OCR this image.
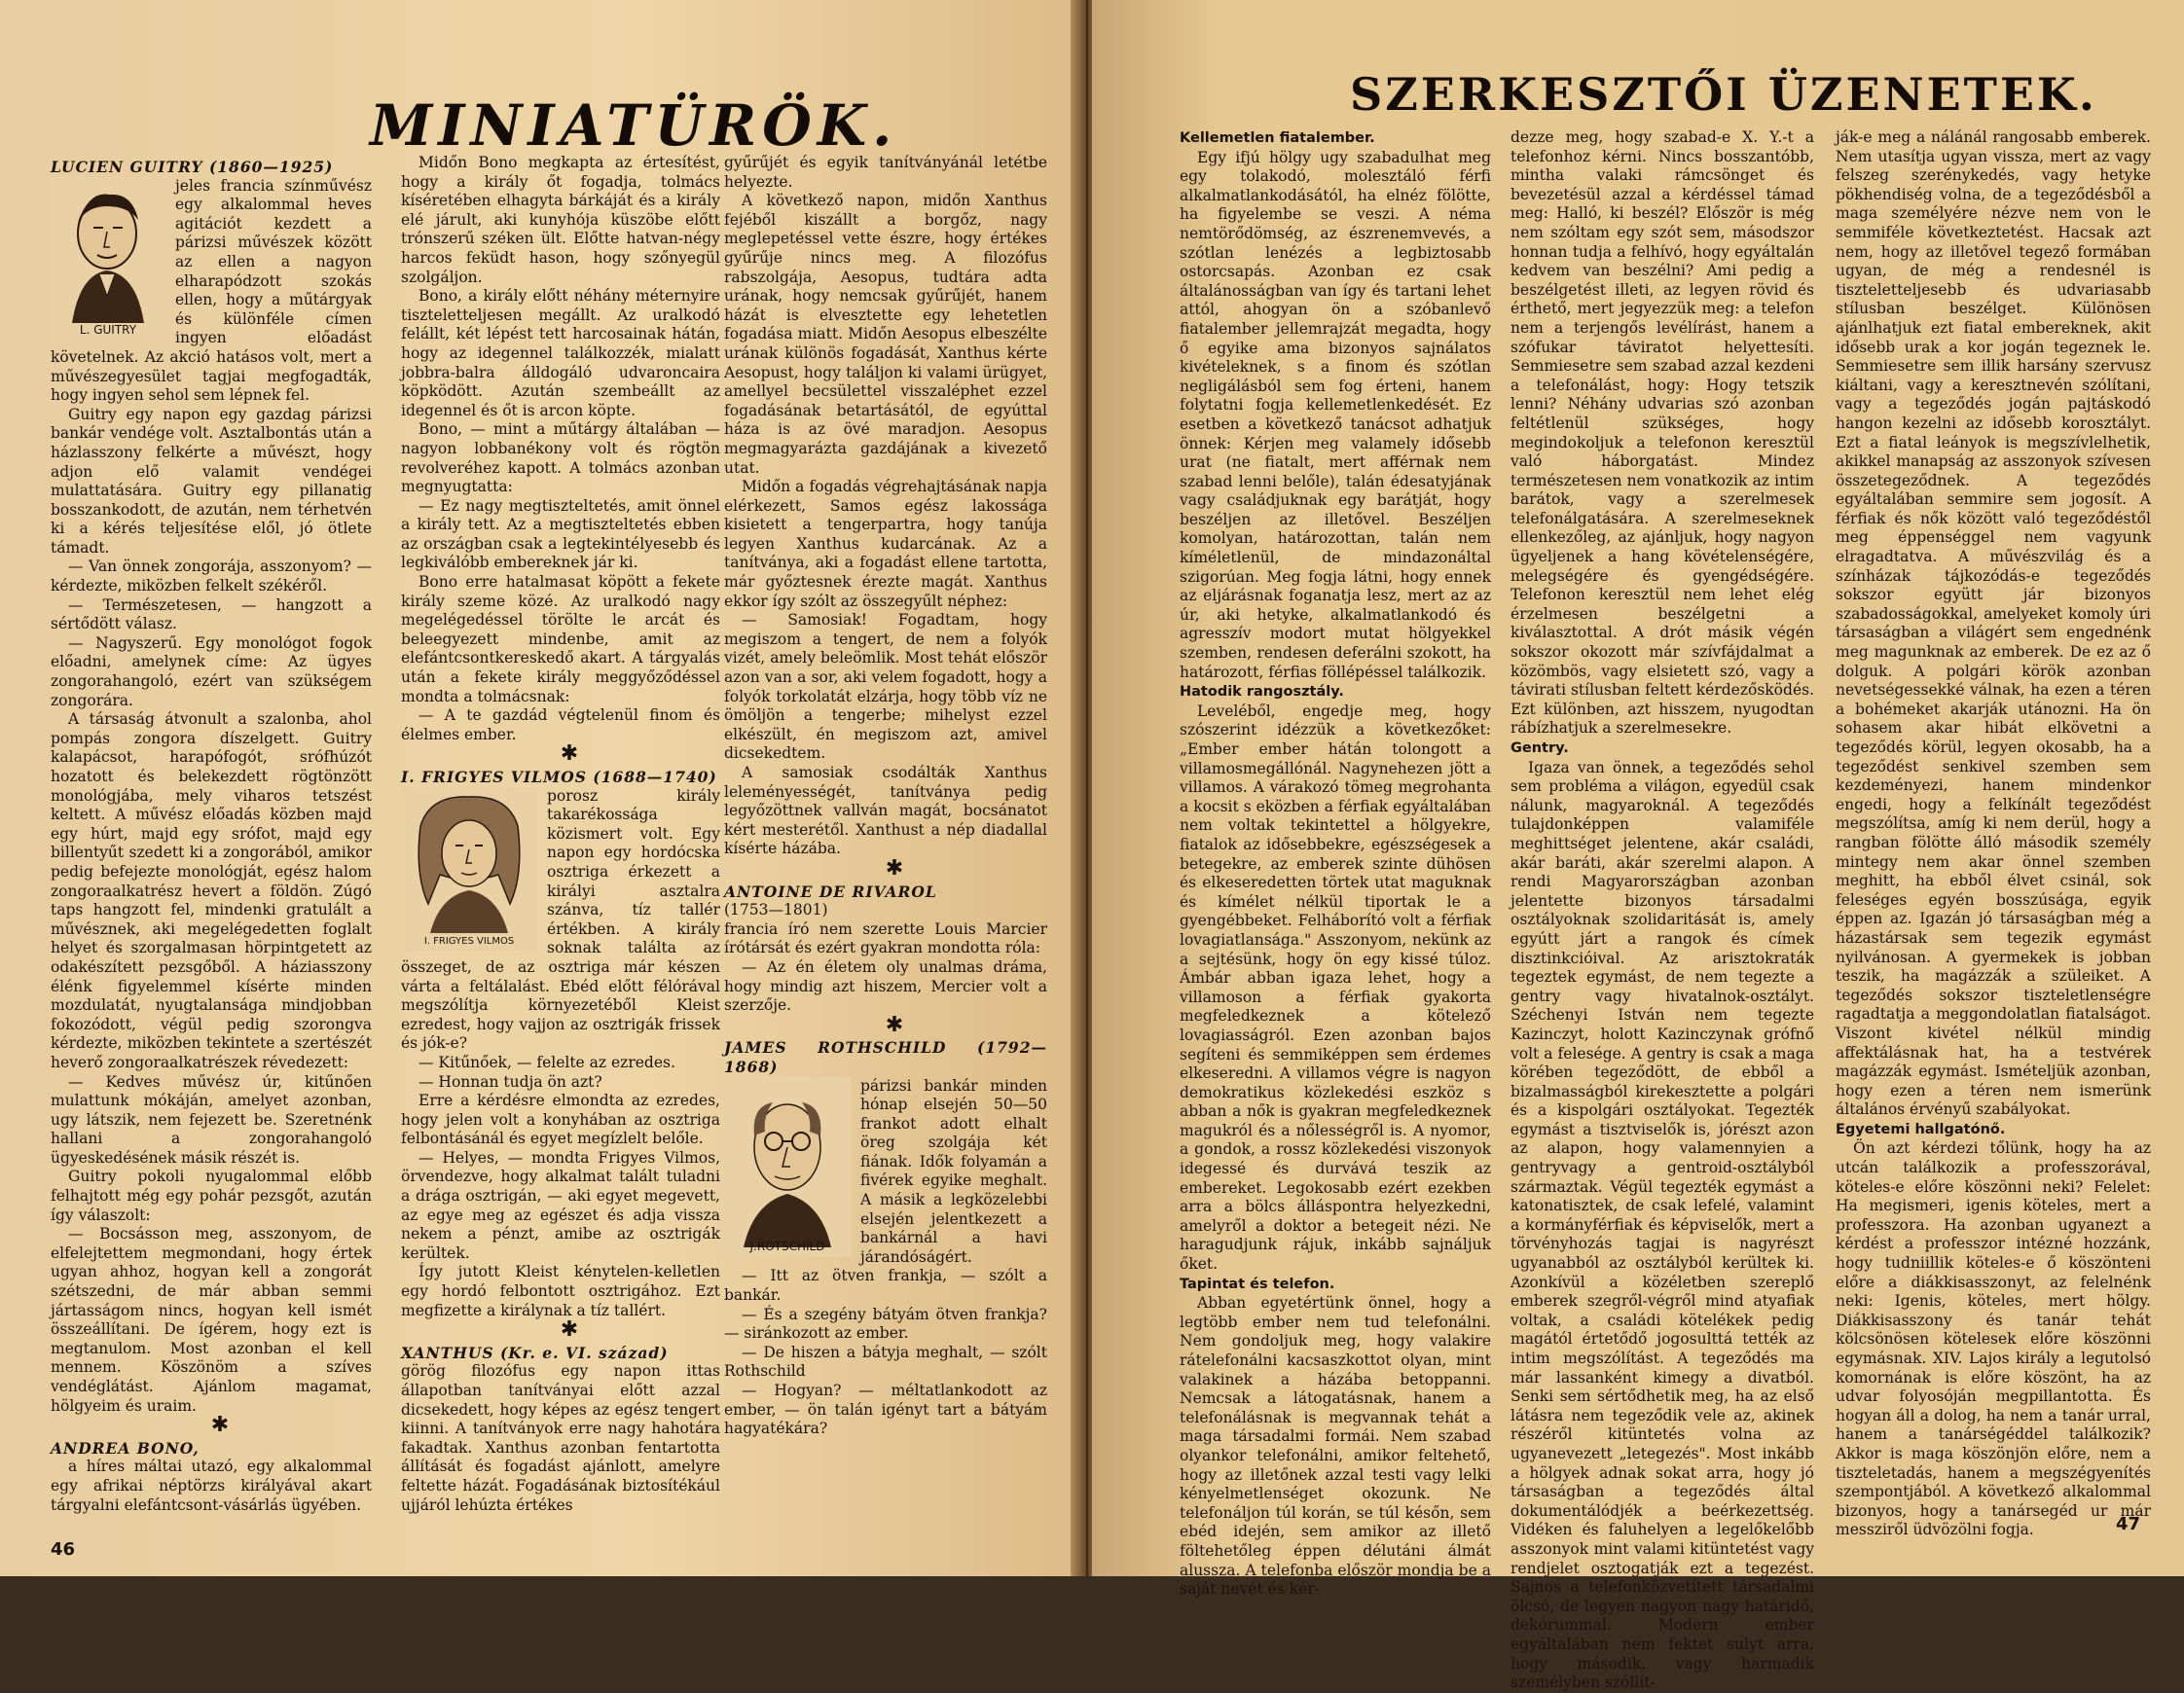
MINIATÜRÖK.

LUCIEN GUITRY (1860—1925)

L. GUITRY

jeles francia színművész egy alkalommal heves agitációt kezdett a párizsi művészek között az ellen a nagyon elharapódzott szokás ellen, hogy a műtárgyak és különféle címen ingyen előadást követelnek. Az akció hatásos volt, mert a művészegyesület tagjai megfogadták, hogy ingyen sehol sem lépnek fel.

Guitry egy napon egy gazdag párizsi bankár vendége volt. Asztalbontás után a házlasszony felkérte a művészt, hogy adjon elő valamit vendégei mulattatására. Guitry egy pillanatig bosszankodott, de azután, nem térhetvén ki a kérés teljesítése elől, jó ötlete támadt.

— Van önnek zongorája, asszonyom? — kérdezte, miközben felkelt székéről.

— Természetesen, — hangzott a sértődött válasz.

— Nagyszerű. Egy monológot fogok előadni, amelynek címe: Az ügyes zongorahangoló, ezért van szükségem zongorára.

A társaság átvonult a szalonba, ahol pompás zongora díszelgett. Guitry kalapácsot, harapófogót, srófhúzót hozatott és belekezdett rögtönzött monológjába, mely viharos tetszést keltett. A művész előadás közben majd egy húrt, majd egy srófot, majd egy billentyűt szedett ki a zongorából, amikor pedig befejezte monológját, egész halom zongoraalkatrész hevert a földön. Zúgó taps hangzott fel, mindenki gratulált a művésznek, aki megelégedetten foglalt helyet és szorgalmasan hörpintgetett az odakészített pezsgőből. A háziasszony élénk figyelemmel kísérte minden mozdulatát, nyugtalansága mindjobban fokozódott, végül pedig szorongva kérdezte, miközben tekintete a szertészét heverő zongoraalkatrészek révedezett:

— Kedves művész úr, kitűnően mulattunk mókáján, amelyet azonban, ugy látszik, nem fejezett be. Szeretnénk hallani a zongorahangoló ügyeskedésének másik részét is.

Guitry pokoli nyugalommal előbb felhajtott még egy pohár pezsgőt, azután így válaszolt:

— Bocsásson meg, asszonyom, de elfelejtettem megmondani, hogy értek ugyan ahhoz, hogyan kell a zongorát szétszedni, de már abban semmi jártasságom nincs, hogyan kell ismét összeállítani. De ígérem, hogy ezt is megtanulom. Most azonban el kell mennem. Köszönöm a szíves vendéglátást. Ajánlom magamat, hölgyeim és uraim.

✱

ANDREA BONO,

a híres máltai utazó, egy alkalommal egy afrikai néptörzs királyával akart tárgyalni elefántcsont-vásárlás ügyében.

Midőn Bono megkapta az értesítést, hogy a király őt fogadja, tolmács kíséretében elhagyta bárkáját és a király elé járult, aki kunyhója küszöbe előtt trónszerű széken ült. Előtte hatvan-négy harcos feküdt hason, hogy szőnyegül szolgáljon.

Bono, a király előtt néhány méternyire tiszteletteljesen megállt. Az uralkodó felállt, két lépést tett harcosainak hátán, hogy az idegennel találkozzék, mialatt jobbra-balra álldogáló udvaroncaira köpködött. Azután szembeállt az idegennel és őt is arcon köpte.

Bono, — mint a műtárgy általában — nagyon lobbanékony volt és rögtön revolveréhez kapott. A tolmács azonban megnyugtatta:

— Ez nagy megtiszteltetés, amit önnel a király tett. Az a megtiszteltetés ebben az országban csak a legtekintélyesebb és legkiválóbb embereknek jár ki.

Bono erre hatalmasat köpött a fekete király szeme közé. Az uralkodó nagy megelégedéssel törölte le arcát és beleegyezett mindenbe, amit az elefántcsontkereskedő akart. A tárgyalás után a fekete király meggyőződéssel mondta a tolmácsnak:

— A te gazdád végtelenül finom és élelmes ember.

✱

I. FRIGYES VILMOS (1688—1740)

I. FRIGYES VILMOS

porosz király takarékossága közismert volt. Egy napon egy hordócska osztriga érkezett a királyi asztalra szánva, tíz tallér értékben. A király soknak találta az összeget, de az osztriga már készen várta a feltálalást. Ebéd előtt félórával megszólítja környezetéből Kleist ezredest, hogy vajjon az osztrigák frissek és jók-e?

— Kitűnőek, — felelte az ezredes.

— Honnan tudja ön azt?

Erre a kérdésre elmondta az ezredes, hogy jelen volt a konyhában az osztriga felbontásánál és egyet megízlelt belőle.

— Helyes, — mondta Frigyes Vilmos, örvendezve, hogy alkalmat talált tuladni a drága osztrigán, — aki egyet megevett, az egye meg az egészet és adja vissza nekem a pénzt, amibe az osztrigák kerültek.

Így jutott Kleist kénytelen-kelletlen egy hordó felbontott osztrigához. Ezt megfizette a királynak a tíz tallért.

✱

XANTHUS (Kr. e. VI. század)

görög filozófus egy napon ittas állapotban tanítványai előtt azzal dicsekedett, hogy képes az egész tengert kiinni. A tanítványok erre nagy hahotára fakadtak. Xanthus azonban fentartotta állítását és fogadást ajánlott, amelyre feltette házát. Fogadásának biztosítékául ujjáról lehúzta értékes

gyűrűjét és egyik tanítványánál letétbe helyezte.

A következő napon, midőn Xanthus fejéből kiszállt a borgőz, nagy meglepetéssel vette észre, hogy értékes gyűrűje nincs meg. A filozófus rabszolgája, Aesopus, tudtára adta urának, hogy nemcsak gyűrűjét, hanem házát is elvesztette egy lehetetlen fogadása miatt. Midőn Aesopus elbeszélte urának különös fogadását, Xanthus kérte Aesopust, hogy találjon ki valami ürügyet, amellyel becsülettel visszaléphet ezzel fogadásának betartásától, de egyúttal háza is az övé maradjon. Aesopus megmagyarázta gazdájának a kivezető utat.

Midőn a fogadás végrehajtásának napja elérkezett, Samos egész lakossága kisietett a tengerpartra, hogy tanúja legyen Xanthus kudarcának. Az a tanítványa, aki a fogadást ellene tartotta, már győztesnek érezte magát. Xanthus ekkor így szólt az összegyűlt néphez:

— Samosiak! Fogadtam, hogy megiszom a tengert, de nem a folyók vizét, amely beleömlik. Most tehát először azon van a sor, aki velem fogadott, hogy a folyók torkolatát elzárja, hogy több víz ne ömöljön a tengerbe; mihelyst ezzel elkészült, én megiszom azt, amivel dicsekedtem.

A samosiak csodálták Xanthus leleményességét, tanítványa pedig legyőzöttnek vallván magát, bocsánatot kért mesterétől. Xanthust a nép diadallal kísérte házába.

✱

ANTOINE DE RIVAROL

(1753—1801)

francia író nem szerette Louis Marcier írótársát és ezért gyakran mondotta róla:

— Az én életem oly unalmas dráma, hogy mindig azt hiszem, Mercier volt a szerzője.

✱

JAMES ROTHSCHILD (1792—1868)

J.ROTSCHILD

párizsi bankár minden hónap elsején 50—50 frankot adott elhalt öreg szolgája két fiának. Idők folyamán a fivérek egyike meghalt. A másik a legközelebbi elsején jelentkezett a bankárnál a havi járandóságért.

— Itt az ötven frankja, — szólt a bankár.

— És a szegény bátyám ötven frankja? — siránkozott az ember.

— De hiszen a bátyja meghalt, — szólt Rothschild

— Hogyan? — méltatlankodott az ember, — ön talán igényt tart a bátyám hagyatékára?

46
SZERKESZTŐI ÜZENETEK.

Kellemetlen fiatalember.

Egy ifjú hölgy ugy szabadulhat meg egy tolakodó, molesztáló férfi alkalmatlankodásától, ha elnéz fölötte, ha figyelembe se veszi. A néma nemtörődömség, az észrenemvevés, a szótlan lenézés a legbiztosabb ostorcsapás. Azonban ez csak általánosságban van így és tartani lehet attól, ahogyan ön a szóbanlevő fiatalember jellemrajzát megadta, hogy ő egyike ama bizonyos sajnálatos kivételeknek, s a finom és szótlan negligálásból sem fog érteni, hanem folytatni fogja kellemetlenkedését. Ez esetben a következő tanácsot adhatjuk önnek: Kérjen meg valamely idősebb urat (ne fiatalt, mert afférnak nem szabad lenni belőle), talán édesatyjának vagy családjuknak egy barátját, hogy beszéljen az illetővel. Beszéljen komolyan, határozottan, talán nem kíméletlenül, de mindazonáltal szigorúan. Meg fogja látni, hogy ennek az eljárásnak foganatja lesz, mert az az úr, aki hetyke, alkalmatlankodó és agresszív modort mutat hölgyekkel szemben, rendesen deferálni szokott, ha határozott, férfias föllépéssel találkozik.

Hatodik rangosztály.

Leveléből, engedje meg, hogy szószerint idézzük a következőket: „Ember ember hátán tolongott a villamosmegállónál. Nagynehezen jött a villamos. A várakozó tömeg megrohanta a kocsit s eközben a férfiak egyáltalában nem voltak tekintettel a hölgyekre, fiatalok az idősebbekre, egészségesek a betegekre, az emberek szinte dühösen és elkeseredetten törtek utat maguknak és kímélet nélkül tiportak le a gyengébbeket. Felháborító volt a férfiak lovagiatlansága." Asszonyom, nekünk az a sejtésünk, hogy ön egy kissé túloz. Ámbár abban igaza lehet, hogy a villamoson a férfiak gyakorta megfeledkeznek a kötelező lovagiasságról. Ezen azonban bajos segíteni és semmiképpen sem érdemes elkeseredni. A villamos végre is nagyon demokratikus közlekedési eszköz s abban a nők is gyakran megfeledkeznek magukról és a nőlességről is. A nyomor, a gondok, a rossz közlekedési viszonyok idegessé és durvává teszik az embereket. Legokosabb ezért ezekben arra a bölcs álláspontra helyezkedni, amelyről a doktor a betegeit nézi. Ne haragudjunk rájuk, inkább sajnáljuk őket.

Tapintat és telefon.

Abban egyetértünk önnel, hogy a legtöbb ember nem tud telefonálni. Nem gondoljuk meg, hogy valakire rátelefonálni kacsaszkottot olyan, mint valakinek a házába betoppanni. Nemcsak a látogatásnak, hanem a telefonálásnak is megvannak tehát a maga társadalmi formái. Nem szabad olyankor telefonálni, amikor feltehető, hogy az illetőnek azzal testi vagy lelki kényelmetlenséget okozunk. Ne telefonáljon túl korán, se túl későn, sem ebéd idején, sem amikor az illető föltehetőleg éppen délutáni álmát alussza. A telefonba először mondja be a saját nevét és kér-

dezze meg, hogy szabad-e X. Y.-t a telefonhoz kérni. Nincs bosszantóbb, mintha valaki rámcsönget és bevezetésül azzal a kérdéssel támad meg: Halló, ki beszél? Először is még nem szóltam egy szót sem, másodszor honnan tudja a felhívó, hogy egyáltalán kedvem van beszélni? Ami pedig a beszélgetést illeti, az legyen rövid és érthető, mert jegyezzük meg: a telefon nem a terjengős levélírást, hanem a szófukar táviratot helyettesíti. Semmiesetre sem szabad azzal kezdeni a telefonálást, hogy: Hogy tetszik lenni? Néhány udvarias szó azonban feltétlenül szükséges, hogy megindokoljuk a telefonon keresztül való háborgatást. Mindez természetesen nem vonatkozik az intim barátok, vagy a szerelmesek telefonálgatására. A szerelmeseknek ellenkezőleg, az ajánljuk, hogy nagyon ügyeljenek a hang kövételenségére, melegségére és gyengédségére. Telefonon keresztül nem lehet elég érzelmesen beszélgetni a kiválasztottal. A drót másik végén sokszor okozott már szívfájdalmat a közömbös, vagy elsietett szó, vagy a távirati stílusban feltett kérdezősködés. Ezt különben, azt hisszem, nyugodtan rábízhatjuk a szerelmesekre.

Gentry.

Igaza van önnek, a tegeződés sehol sem probléma a világon, egyedül csak nálunk, magyaroknál. A tegeződés tulajdonképpen valamiféle meghittséget jelentene, akár családi, akár baráti, akár szerelmi alapon. A rendi Magyarországban azonban jelentette bizonyos társadalmi osztályoknak szolidaritását is, amely egyútt járt a rangok és címek disztinkcióival. Az arisztokraták tegeztek egymást, de nem tegezte a gentry vagy hivatalnok-osztályt. Széchenyi István nem tegezte Kazinczyt, holott Kazinczynak grófnő volt a felesége. A gentry is csak a maga körében tegeződött, de ebből a bizalmasságból kirekesztette a polgári és a kispolgári osztályokat. Tegezték egymást a tisztviselők is, jórészt azon az alapon, hogy valamennyien a gentryvagy a gentroid-osztályból származtak. Végül tegezték egymást a katonatisztek, de csak lefelé, valamint a kormányférfiak és képviselők, mert a törvényhozás tagjai is nagyrészt ugyanabból az osztályból kerültek ki. Azonkívül a közéletben szereplő emberek szegről-végről mind atyafiak voltak, a családi kötelékek pedig magától értetődő jogosulttá tették az intim megszólítást. A tegeződés ma már lassanként kimegy a divatból. Senki sem sértődhetik meg, ha az első látásra nem tegeződik vele az, akinek részéről kitüntetés volna az ugyanevezett „letegezés". Most inkább a hölgyek adnak sokat arra, hogy jó társaságban a tegeződés által dokumentálódjék a beérkezettség. Vidéken és faluhelyen a legelőkelőbb asszonyok mint valami kitüntetést vagy rendjelet osztogatják ezt a tegezést. Sajnos a telefonközvetített társadalmi ölcsó, de legyen nagyon nagy határidő, dekórummal. Modern ember egyáltalában nem fektet sulyt arra, hogy második, vagy harmadik személyben szóllít-

ják-e meg a nálánál rangosabb emberek. Nem utasítja ugyan vissza, mert az vagy felszeg szerénykedés, vagy hetyke pökhendiség volna, de a tegeződésből a maga személyére nézve nem von le semmiféle következtetést. Hacsak azt nem, hogy az illetővel tegező formában ugyan, de még a rendesnél is tiszteletteljesebb és udvariasabb stílusban beszélget. Különösen ajánlhatjuk ezt fiatal embereknek, akit idősebb urak a kor jogán tegeznek le. Semmiesetre sem illik harsány szervusz kiáltani, vagy a keresztnevén szólítani, vagy a tegeződés jogán pajtáskodó hangon kezelni az idősebb korosztályt. Ezt a fiatal leányok is megszívlelhetik, akikkel manapság az asszonyok szívesen összetegeződnek. A tegeződés egyáltalában semmire sem jogosít. A férfiak és nők között való tegeződéstől meg éppenséggel nem vagyunk elragadtatva. A művészvilág és a színházak tájkozódás-e tegeződés sokszor együtt jár bizonyos szabadosságokkal, amelyeket komoly úri társaságban a világért sem engednénk meg magunknak az emberek. De ez az ő dolguk. A polgári körök azonban nevetségessekké válnak, ha ezen a téren a bohémeket akarják utánozni. Ha ön sohasem akar hibát elkövetni a tegeződés körül, legyen okosabb, ha a tegeződést senkivel szemben sem kezdeményezi, hanem mindenkor engedi, hogy a felkínált tegeződést megszólítsa, amíg ki nem derül, hogy a rangban fölötte álló második személy mintegy nem akar önnel szemben meghitt, ha ebből élvet csinál, sok feleséges egyén bosszúsága, egyik éppen az. Igazán jó társaságban még a házastársak sem tegezik egymást nyilvánosan. A gyermekek is jobban teszik, ha magázzák a szüleiket. A tegeződés sokszor tiszteletlenségre ragadtatja a meggondolatlan fiatalságot. Viszont kivétel nélkül mindig affektálásnak hat, ha a testvérek magázzák egymást. Ismételjük azonban, hogy ezen a téren nem ismerünk általános érvényű szabályokat.

Egyetemi hallgatónő.

Ön azt kérdezi tőlünk, hogy ha az utcán találkozik a professzorával, köteles-e előre köszönni neki? Felelet: Ha megismeri, igenis köteles, mert a professzora. Ha azonban ugyanezt a kérdést a professzor intézné hozzánk, hogy tudniillik köteles-e ő köszönteni előre a diákkisasszonyt, az felelnénk neki: Igenis, köteles, mert hölgy. Diákkisasszony és tanár tehát kölcsönösen kötelesek előre köszönni egymásnak. XIV. Lajos király a legutolsó komornának is előre köszönt, ha az udvar folyosóján megpillantotta. És hogyan áll a dolog, ha nem a tanár urral, hanem a tanárségéddel találkozik? Akkor is maga köszönjön előre, nem a tiszteletadás, hanem a megszégyenítés szempontjából. A következő alkalommal bizonyos, hogy a tanársegéd ur már messziről üdvözölni fogja.	47
